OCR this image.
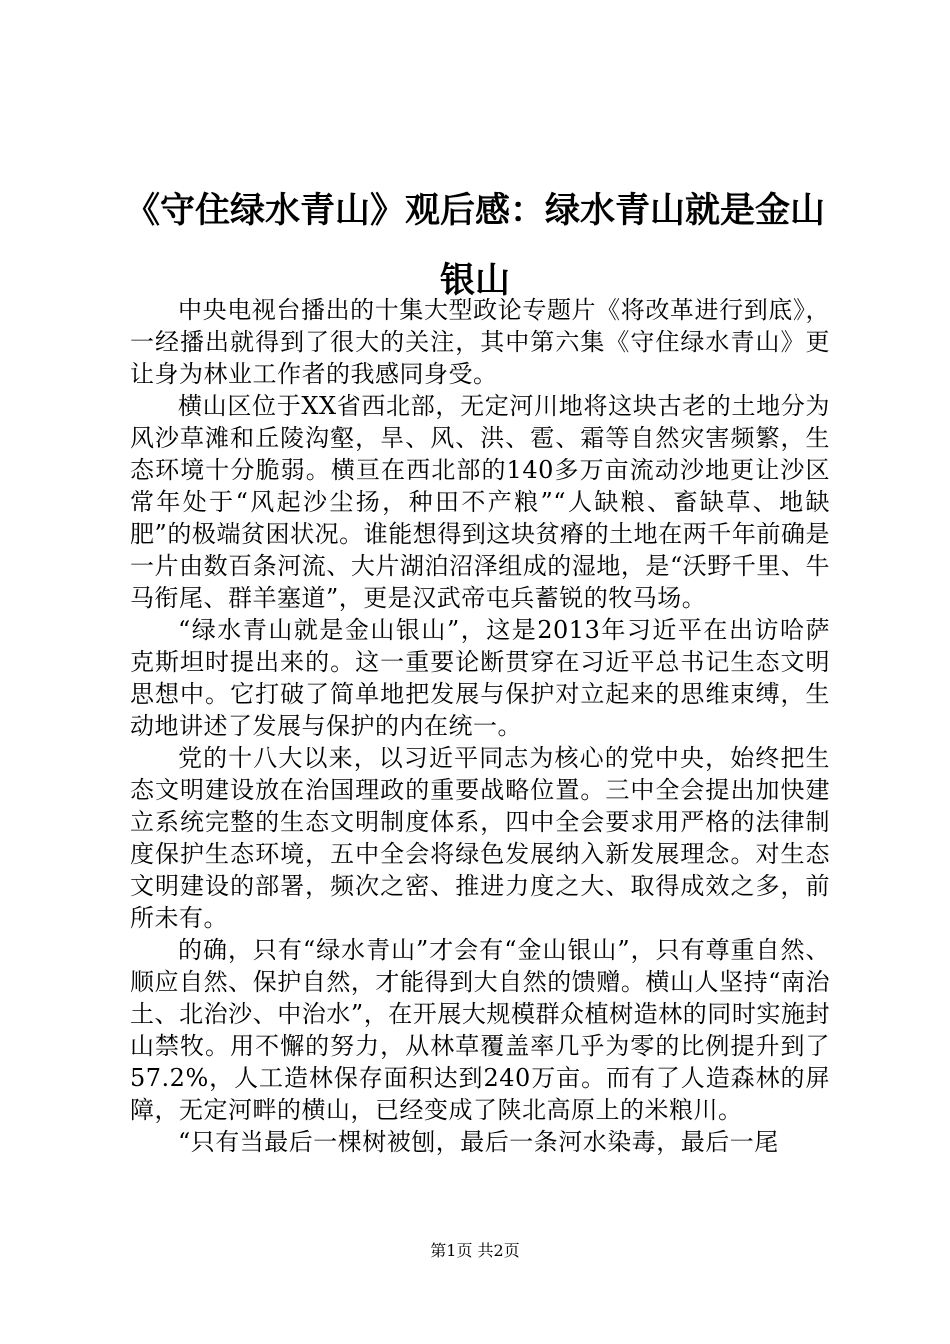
《守住绿水青山》观后感：绿水青山就是金山银山

中央电视台播出的十集大型政论专题片《将改革进行到底》，一经播出就得到了很大的关注，其中第六集《守住绿水青山》更让身为林业工作者的我感同身受。

横山区位于XX省西北部，无定河川地将这块古老的土地分为风沙草滩和丘陵沟壑，旱、风、洪、雹、霜等自然灾害频繁，生态环境十分脆弱。横亘在西北部的140多万亩流动沙地更让沙区常年处于“风起沙尘扬，种田不产粮”“人缺粮、畜缺草、地缺肥”的极端贫困状况。谁能想得到这块贫瘠的土地在两千年前确是一片由数百条河流、大片湖泊沼泽组成的湿地，是“沃野千里、牛马衔尾、群羊塞道”，更是汉武帝屯兵蓄锐的牧马场。

“绿水青山就是金山银山”，这是2013年习近平在出访哈萨克斯坦时提出来的。这一重要论断贯穿在习近平总书记生态文明思想中。它打破了简单地把发展与保护对立起来的思维束缚，生动地讲述了发展与保护的内在统一。

党的十八大以来，以习近平同志为核心的党中央，始终把生态文明建设放在治国理政的重要战略位置。三中全会提出加快建立系统完整的生态文明制度体系，四中全会要求用严格的法律制度保护生态环境，五中全会将绿色发展纳入新发展理念。对生态文明建设的部署，频次之密、推进力度之大、取得成效之多，前所未有。

的确，只有“绿水青山”才会有“金山银山”，只有尊重自然、顺应自然、保护自然，才能得到大自然的馈赠。横山人坚持“南治土、北治沙、中治水”，在开展大规模群众植树造林的同时实施封山禁牧。用不懈的努力，从林草覆盖率几乎为零的比例提升到了57.2%，人工造林保存面积达到240万亩。而有了人造森林的屏障，无定河畔的横山，已经变成了陕北高原上的米粮川。

“只有当最后一棵树被刨，最后一条河水染毒，最后一尾

第1页 共2页
